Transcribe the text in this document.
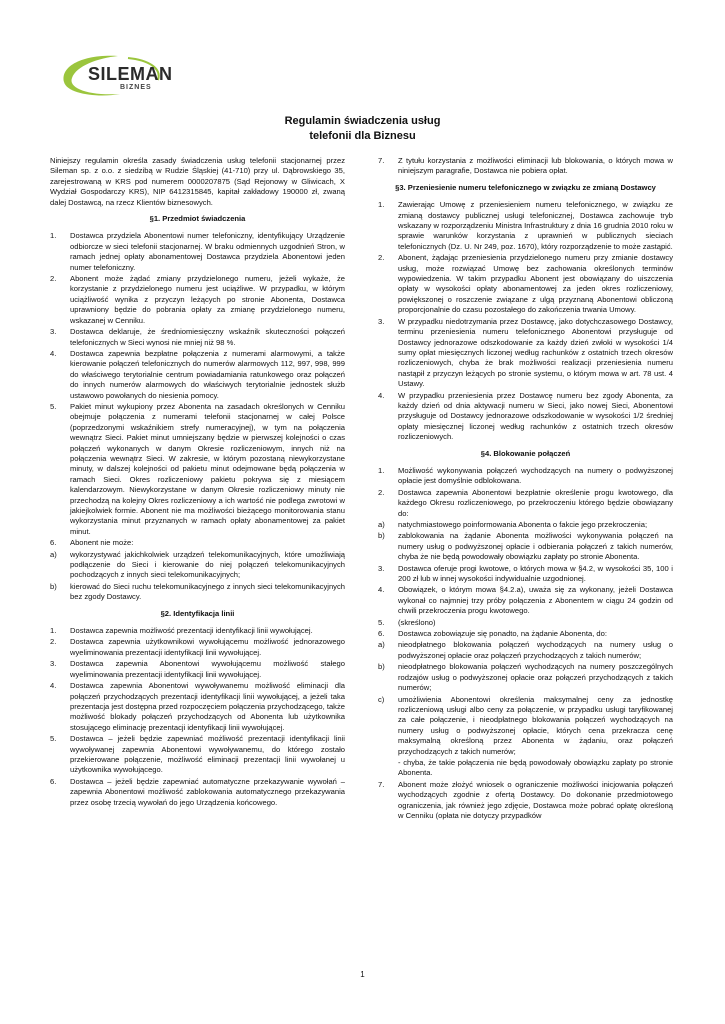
SILEMAN
BIZNES
Regulamin świadczenia usług
telefonii dla Biznesu

Niniejszy regulamin określa zasady świadczenia usług telefonii stacjonarnej przez Sileman sp. z o.o. z siedzibą w Rudzie Śląskiej (41-710) przy ul. Dąbrowskiego 35, zarejestrowaną w KRS pod numerem 0000207875 (Sąd Rejonowy w Gliwicach, X Wydział Gospodarczy KRS), NIP 6412315845, kapitał zakładowy 190000 zł, zwaną dalej Dostawcą, na rzecz Klientów biznesowych.

§1. Przedmiot świadczenia
1.	Dostawca przydziela Abonentowi numer telefoniczny, identyfikujący Urządzenie odbiorcze w sieci telefonii stacjonarnej. W braku odmiennych uzgodnień Stron, w ramach jednej opłaty abonamentowej Dostawca przydziela Abonentowi jeden numer telefoniczny.
2.	Abonent może żądać zmiany przydzielonego numeru, jeżeli wykaże, że korzystanie z przydzielonego numeru jest uciążliwe. W przypadku, w którym uciążliwość wynika z przyczyn leżących po stronie Abonenta, Dostawca uprawniony będzie do pobrania opłaty za zmianę przydzielonego numeru, wskazanej w Cenniku.
3.	Dostawca deklaruje, że średniomiesięczny wskaźnik skuteczności połączeń telefonicznych w Sieci wynosi nie mniej niż 98 %.
4.	Dostawca zapewnia bezpłatne połączenia z numerami alarmowymi, a także kierowanie połączeń telefonicznych do numerów alarmowych 112, 997, 998, 999 do właściwego terytorialnie centrum powiadamiania ratunkowego oraz połączeń do innych numerów alarmowych do właściwych terytorialnie jednostek służb ustawowo powołanych do niesienia pomocy.
5.	Pakiet minut wykupiony przez Abonenta na zasadach określonych w Cenniku obejmuje połączenia z numerami telefonii stacjonarnej w całej Polsce (poprzedzonymi wskaźnikiem strefy numeracyjnej), w tym na połączenia wewnątrz Sieci. Pakiet minut umniejszany będzie w pierwszej kolejności o czas połączeń wykonanych w danym Okresie rozliczeniowym, innych niż na połączenia wewnątrz Sieci. W zakresie, w którym pozostaną niewykorzystane minuty, w dalszej kolejności od pakietu minut odejmowane będą połączenia w ramach Sieci. Okres rozliczeniowy pakietu pokrywa się z miesiącem kalendarzowym. Niewykorzystane w danym Okresie rozliczeniowy minuty nie przechodzą na kolejny Okres rozliczeniowy a ich wartość nie podlega zwrotowi w jakiejkolwiek formie. Abonent nie ma możliwości bieżącego monitorowania stanu wykorzystania minut przyznanych w ramach opłaty abonamentowej za pakiet minut.
6.	Abonent nie może:
a)	wykorzystywać jakichkolwiek urządzeń telekomunikacyjnych, które umożliwiają podłączenie do Sieci i kierowanie do niej połączeń telekomunikacyjnych pochodzących z innych sieci telekomunikacyjnych;
b)	kierować do Sieci ruchu telekomunikacyjnego z innych sieci telekomunikacyjnych bez zgody Dostawcy.
§2. Identyfikacja linii
1.	Dostawca zapewnia możliwość prezentacji identyfikacji linii wywołującej.
2.	Dostawca zapewnia użytkownikowi wywołującemu możliwość jednorazowego wyeliminowania prezentacji identyfikacji linii wywołującej.
3.	Dostawca zapewnia Abonentowi wywołującemu możliwość stałego wyeliminowania prezentacji identyfikacji linii wywołującej.
4.	Dostawca zapewnia Abonentowi wywoływanemu możliwość eliminacji dla połączeń przychodzących prezentacji identyfikacji linii wywołującej, a jeżeli taka prezentacja jest dostępna przed rozpoczęciem połączenia przychodzącego, także możliwość blokady połączeń przychodzących od Abonenta lub użytkownika stosującego eliminację prezentacji identyfikacji linii wywołującej.
5.	Dostawca – jeżeli będzie zapewniać możliwość prezentacji identyfikacji linii wywoływanej zapewnia Abonentowi wywoływanemu, do którego zostało przekierowane połączenie, możliwość eliminacji prezentacji linii wywołanej u użytkownika wywołującego.
6.	Dostawca – jeżeli będzie zapewniać automatyczne przekazywanie wywołań – zapewnia Abonentowi możliwość zablokowania automatycznego przekazywania przez osobę trzecią wywołań do jego Urządzenia końcowego.
7.	Z tytułu korzystania z możliwości eliminacji lub blokowania, o których mowa w niniejszym paragrafie, Dostawca nie pobiera opłat.
§3. Przeniesienie numeru telefonicznego w związku ze zmianą Dostawcy
1.	Zawierając Umowę z przeniesieniem numeru telefonicznego, w związku ze zmianą dostawcy publicznej usługi telefonicznej, Dostawca zachowuje tryb wskazany w rozporządzeniu Ministra Infrastruktury z dnia 16 grudnia 2010 roku w sprawie warunków korzystania z uprawnień w publicznych sieciach telefonicznych (Dz. U. Nr 249, poz. 1670), który rozporządzenie to może zastąpić.
2.	Abonent, żądając przeniesienia przydzielonego numeru przy zmianie dostawcy usług, może rozwiązać Umowę bez zachowania określonych terminów wypowiedzenia. W takim przypadku Abonent jest obowiązany do uiszczenia opłaty w wysokości opłaty abonamentowej za jeden okres rozliczeniowy, powiększonej o roszczenie związane z ulgą przyznaną Abonentowi obliczoną proporcjonalnie do czasu pozostałego do zakończenia trwania Umowy.
3.	W przypadku niedotrzymania przez Dostawcę, jako dotychczasowego Dostawcy, terminu przeniesienia numeru telefonicznego Abonentowi przysługuje od Dostawcy jednorazowe odszkodowanie za każdy dzień zwłoki w wysokości 1/4 sumy opłat miesięcznych liczonej według rachunków z ostatnich trzech okresów rozliczeniowych, chyba że brak możliwości realizacji przeniesienia numeru nastąpił z przyczyn leżących po stronie systemu, o którym mowa w art. 78 ust. 4 Ustawy.
4.	W przypadku przeniesienia przez Dostawcę numeru bez zgody Abonenta, za każdy dzień od dnia aktywacji numeru w Sieci, jako nowej Sieci, Abonentowi przysługuje od Dostawcy jednorazowe odszkodowanie w wysokości 1/2 średniej opłaty miesięcznej liczonej według rachunków z ostatnich trzech okresów rozliczeniowych.
§4. Blokowanie połączeń
1.	Możliwość wykonywania połączeń wychodzących na numery o podwyższonej opłacie jest domyślnie odblokowana.
2.	Dostawca zapewnia Abonentowi bezpłatnie określenie progu kwotowego, dla każdego Okresu rozliczeniowego, po przekroczeniu którego będzie obowiązany do:
a)	natychmiastowego poinformowania Abonenta o fakcie jego przekroczenia;
b)	zablokowania na żądanie Abonenta możliwości wykonywania połączeń na numery usług o podwyższonej opłacie i odbierania połączeń z takich numerów, chyba że nie będą powodowały obowiązku zapłaty po stronie Abonenta.
3.	Dostawca oferuje progi kwotowe, o których mowa w §4.2, w wysokości 35, 100 i 200 zł lub w innej wysokości indywidualnie uzgodnionej.
4.	Obowiązek, o którym mowa §4.2.a), uważa się za wykonany, jeżeli Dostawca wykonał co najmniej trzy próby połączenia z Abonentem w ciągu 24 godzin od chwili przekroczenia progu kwotowego.
5.	(skreślono)
6.	Dostawca zobowiązuje się ponadto, na żądanie Abonenta, do:
a)	nieodpłatnego blokowania połączeń wychodzących na numery usług o podwyższonej opłacie oraz połączeń przychodzących z takich numerów;
b)	nieodpłatnego blokowania połączeń wychodzących na numery poszczególnych rodzajów usług o podwyższonej opłacie oraz połączeń przychodzących z takich numerów;
c)	umożliwienia Abonentowi określenia maksymalnej ceny za jednostkę rozliczeniową usługi albo ceny za połączenie, w przypadku usługi taryfikowanej za całe połączenie, i nieodpłatnego blokowania połączeń wychodzących na numery usług o podwyższonej opłacie, których cena przekracza cenę maksymalną określoną przez Abonenta w żądaniu, oraz połączeń przychodzących z takich numerów;
- chyba, że takie połączenia nie będą powodowały obowiązku zapłaty po stronie Abonenta.
7.	Abonent może złożyć wniosek o ograniczenie możliwości inicjowania połączeń wychodzących zgodnie z ofertą Dostawcy. Do dokonanie przedmiotowego ograniczenia, jak również jego zdjęcie, Dostawca może pobrać opłatę określoną w Cenniku (opłata nie dotyczy przypadków
1
